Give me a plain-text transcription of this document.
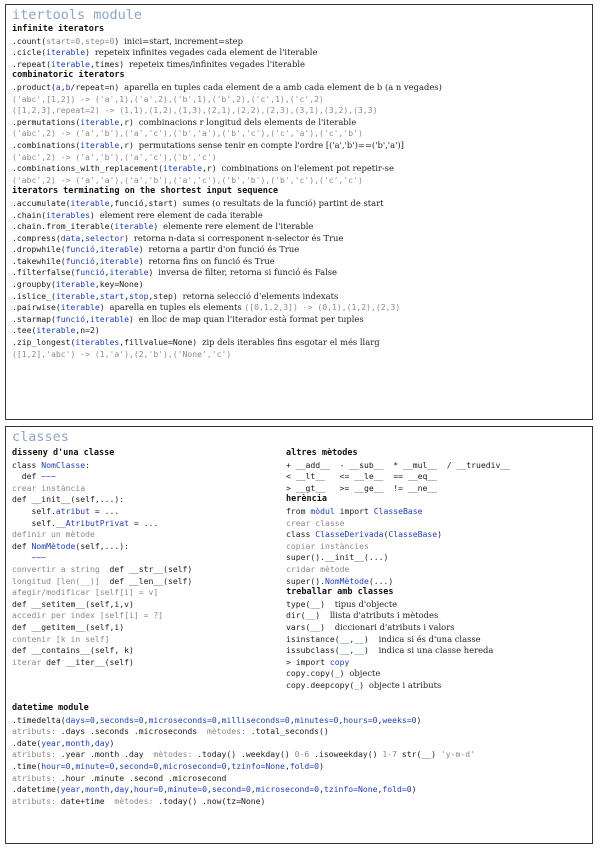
itertools module
infinite iterators
.count(start=0,step=0) inici=start, increment=step
.cicle(iterable) repeteix infinites vegades cada element de l'iterable
.repeat(iterable,times) repeteix times/infinites vegades l'iterable
combinatoric iterators
.product(a,b/repeat=n) aparella en tuples cada element de a amb cada element de b (a n vegades)
('abc',[1,2]) -> ('a',1),('a',2),('b',1),('b',2),('c',1),('c',2)
([1,2,3],repeat=2) -> (1,1),(1,2),(1,3),(2,1),(2,2),(2,3),(3,1),(3,2),(3,3)
.permutations(iterable,r) combinacions r longitud dels elements de l'iterable
('abc',2) -> ('a','b'),('a','c'),('b','a'),('b','c'),('c','a'),('c','b')
.combinations(iterable,r) permutations sense tenir en compte l'ordre [('a','b')==('b','a')]
('abc',2) -> ('a','b'),('a','c'),('b','c')
.combinations_with_replacement(iterable,r) combinations on l'element pot repetir-se
('abc',2) -> ('a','a'),('a','b'),('a','c'),('b','b'),('b','c'),('c','c')
iterators terminating on the shortest input sequence
.accumulate(iterable,funció,start) sumes (o resultats de la funció) partint de start
.chain(iterables) element rere element de cada iterable
.chain.from_iterable(iterable) elemente rere element de l'iterable
.compress(data,selector) retorna n-data si corresponent n-selector és True
.dropwhile(funció,iterable) retorna a partir d'on funció és True
.takewhile(funció,iterable) retorna fins on funció és True
.filterfalse(funció,iterable) inversa de filter, retorna si funció és False
.groupby(iterable,key=None)
.islice_(iterable,start,stop,step) retorna selecció d'elements indexats
.pairwise(iterable) aparella en tuples els elements ([0,1,2,3]) -> (0,1),(1,2),(2,3)
.starmap(funció,iterable) en lloc de map quan l'iterador està format per tuples
.tee(iterable,n=2)
.zip_longest(iterables,fillvalue=None) zip dels iterables fins esgotar el més llarg
([1,2],'abc') -> (1,'a'),(2,'b'),('None','c')
classes
disseny d'una classe
class NomClasse:
def ~~~
crear instància
def __init__(self,...):
self.atribut = ...
self.__AtributPrivat = ...
definir un mètode
def NomMètode(self,...):
~~~
convertir a string  def __str__(self)
longitud [len(__)]  def __len__(self)
afegir/modificar [self[i] = v]
def __setitem__(self,i,v)
accedir per index [self[i] = ?]
def __getitem__(self,i)
contenir [k in self]
def __contains__(self, k)
iterar def __iter__(self)
altres mètodes
+ __add__  - __sub__  * __mul__  / __truediv__
< __lt__   <= __le__  == __eq__
> __gt__   >= __ge__  != __ne__
herència
from mòdul import ClasseBase
crear classe
class ClasseDerivada(ClasseBase)
copiar instàncies
super().__init__(...)
cridar mètode
super().NomMètode(...)
treballar amb classes
type(__)  tipus d'objecte
dir(__)  llista d'atributs i mètodes
vars(__)  diccionari d'atributs i valors
isinstance(__,__)  indica si és d'una classe
issubclass(__,__)  indica si una classe hereda
> import copy
copy.copy(_) objecte
copy.deepcopy(_) objecte i atributs
datetime module
.timedelta(days=0,seconds=0,microseconds=0,milliseconds=0,minutes=0,hours=0,weeks=0)
atributs: .days .seconds .microseconds  mètodes: .total_seconds()
.date(year,month,day)
atributs: .year .month .day  mètodes: .today() .weekday() 0-6 .isoweekday() 1-7 str(__) 'y-m-d'
.time(hour=0,minute=0,second=0,microsecond=0,tzinfo=None,fold=0)
atributs: .hour .minute .second .microsecond
.datetime(year,month,day,hour=0,minute=0,second=0,microsecond=0,tzinfo=None,fold=0)
atributs: date+time  mètodes: .today() .now(tz=None)
